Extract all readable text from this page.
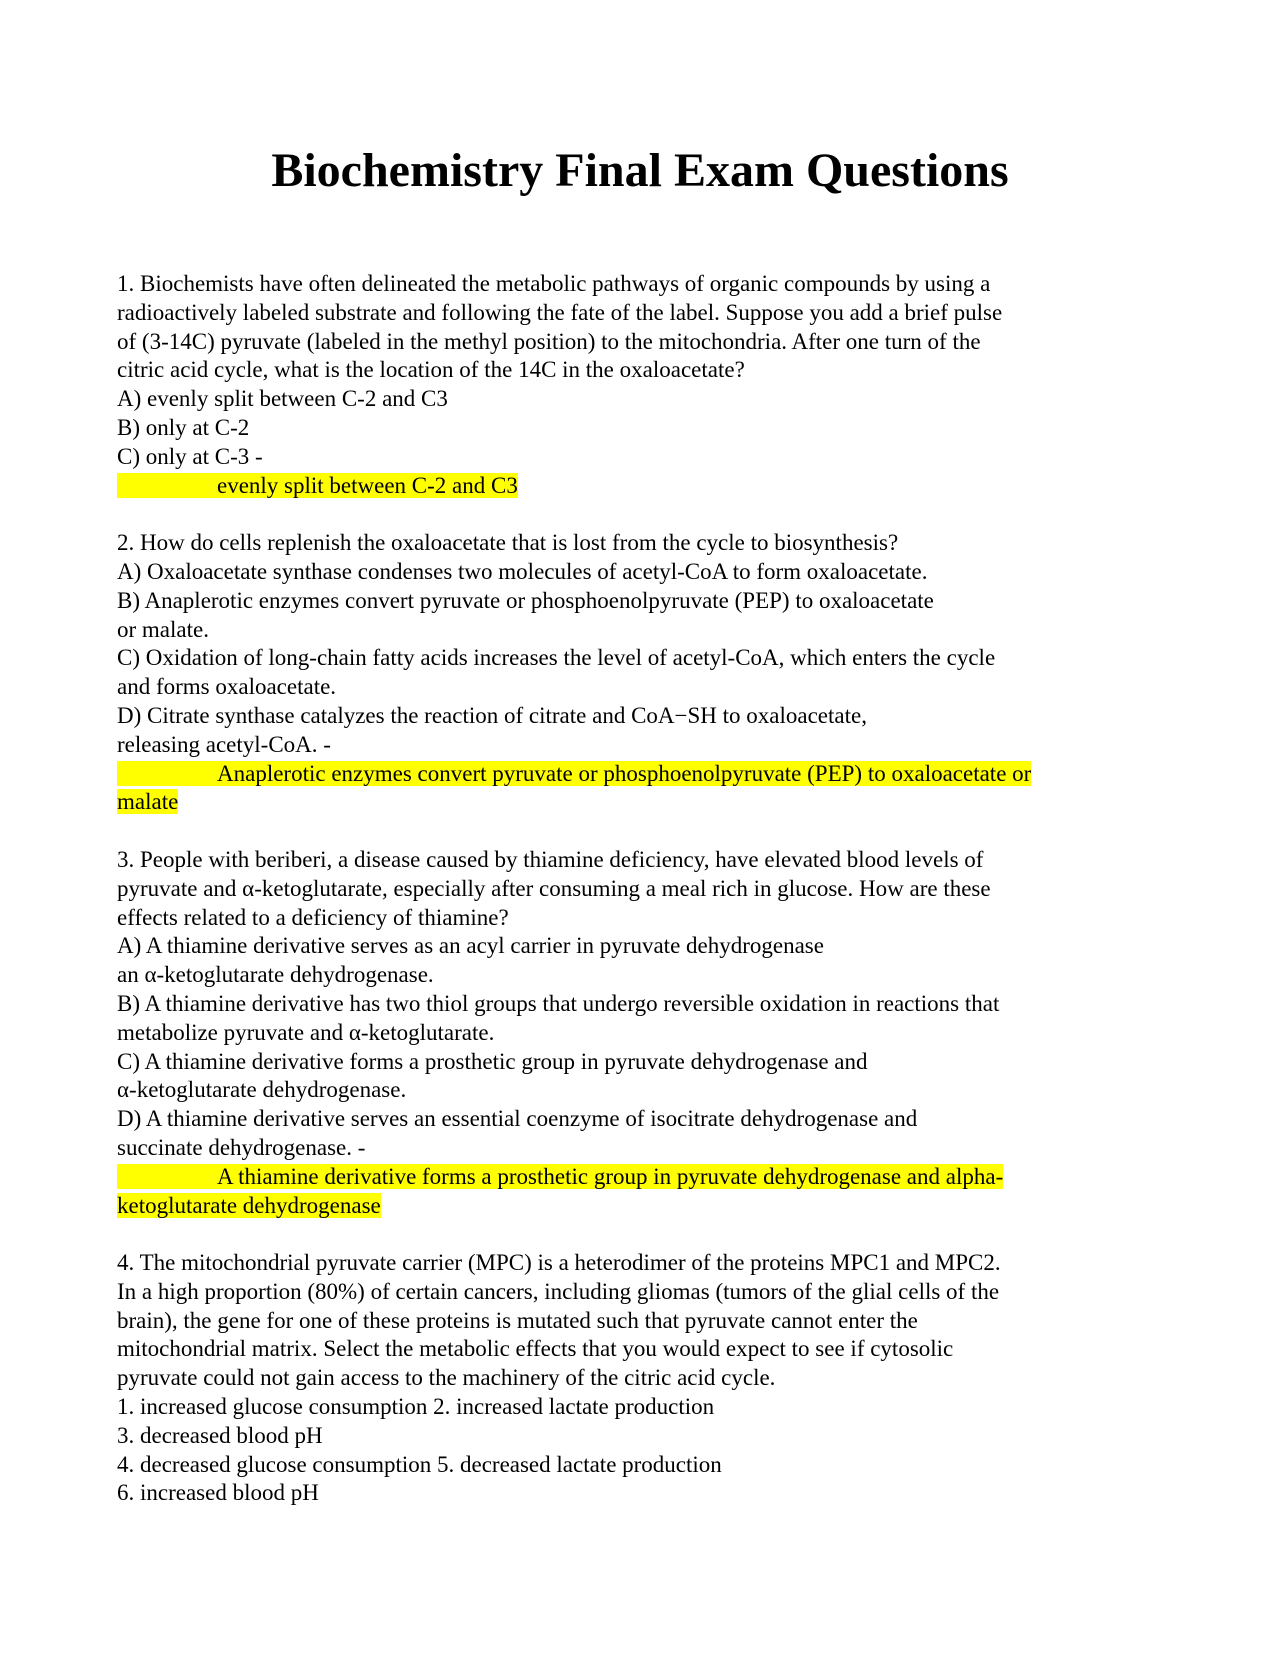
Biochemistry Final Exam Questions
1. Biochemists have often delineated the metabolic pathways of organic compounds by using a
radioactively labeled substrate and following the fate of the label. Suppose you add a brief pulse
of (3-14C) pyruvate (labeled in the methyl position) to the mitochondria. After one turn of the
citric acid cycle, what is the location of the 14C in the oxaloacetate?
A) evenly split between C-2 and C3
B) only at C-2
C) only at C-3 -
evenly split between C-2 and C3
2. How do cells replenish the oxaloacetate that is lost from the cycle to biosynthesis?
A) Oxaloacetate synthase condenses two molecules of acetyl-CoA to form oxaloacetate.
B) Anaplerotic enzymes convert pyruvate or phosphoenolpyruvate (PEP) to oxaloacetate
or malate.
C) Oxidation of long-chain fatty acids increases the level of acetyl-CoA, which enters the cycle
and forms oxaloacetate.
D) Citrate synthase catalyzes the reaction of citrate and CoA−SH to oxaloacetate,
releasing acetyl-CoA. -
Anaplerotic enzymes convert pyruvate or phosphoenolpyruvate (PEP) to oxaloacetate or
malate
3. People with beriberi, a disease caused by thiamine deficiency, have elevated blood levels of
pyruvate and α-ketoglutarate, especially after consuming a meal rich in glucose. How are these
effects related to a deficiency of thiamine?
A) A thiamine derivative serves as an acyl carrier in pyruvate dehydrogenase
an α-ketoglutarate dehydrogenase.
B) A thiamine derivative has two thiol groups that undergo reversible oxidation in reactions that
metabolize pyruvate and α-ketoglutarate.
C) A thiamine derivative forms a prosthetic group in pyruvate dehydrogenase and
α-ketoglutarate dehydrogenase.
D) A thiamine derivative serves an essential coenzyme of isocitrate dehydrogenase and
succinate dehydrogenase. -
A thiamine derivative forms a prosthetic group in pyruvate dehydrogenase and alpha-
ketoglutarate dehydrogenase
4. The mitochondrial pyruvate carrier (MPC) is a heterodimer of the proteins MPC1 and MPC2.
In a high proportion (80%) of certain cancers, including gliomas (tumors of the glial cells of the
brain), the gene for one of these proteins is mutated such that pyruvate cannot enter the
mitochondrial matrix. Select the metabolic effects that you would expect to see if cytosolic
pyruvate could not gain access to the machinery of the citric acid cycle.
1. increased glucose consumption 2. increased lactate production
3. decreased blood pH
4. decreased glucose consumption 5. decreased lactate production
6. increased blood pH
